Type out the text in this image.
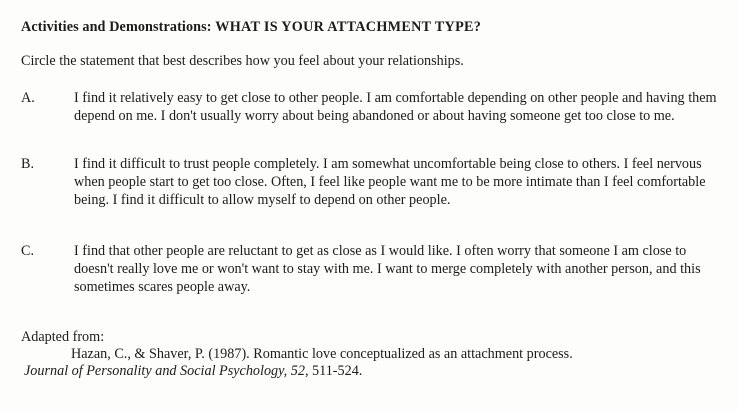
Activities and Demonstrations: WHAT IS YOUR ATTACHMENT TYPE?
Circle the statement that best describes how you feel about your relationships.
A.	I find it relatively easy to get close to other people. I am comfortable depending on other people and having them depend on me. I don't usually worry about being abandoned or about having someone get too close to me.
B.	I find it difficult to trust people completely. I am somewhat uncomfortable being close to others. I feel nervous when people start to get too close. Often, I feel like people want me to be more intimate than I feel comfortable being. I find it difficult to allow myself to depend on other people.
C.	I find that other people are reluctant to get as close as I would like. I often worry that someone I am close to doesn't really love me or won't want to stay with me. I want to merge completely with another person, and this sometimes scares people away.
Adapted from:
Hazan, C., & Shaver, P. (1987). Romantic love conceptualized as an attachment process.
Journal of Personality and Social Psychology, 52, 511-524.
